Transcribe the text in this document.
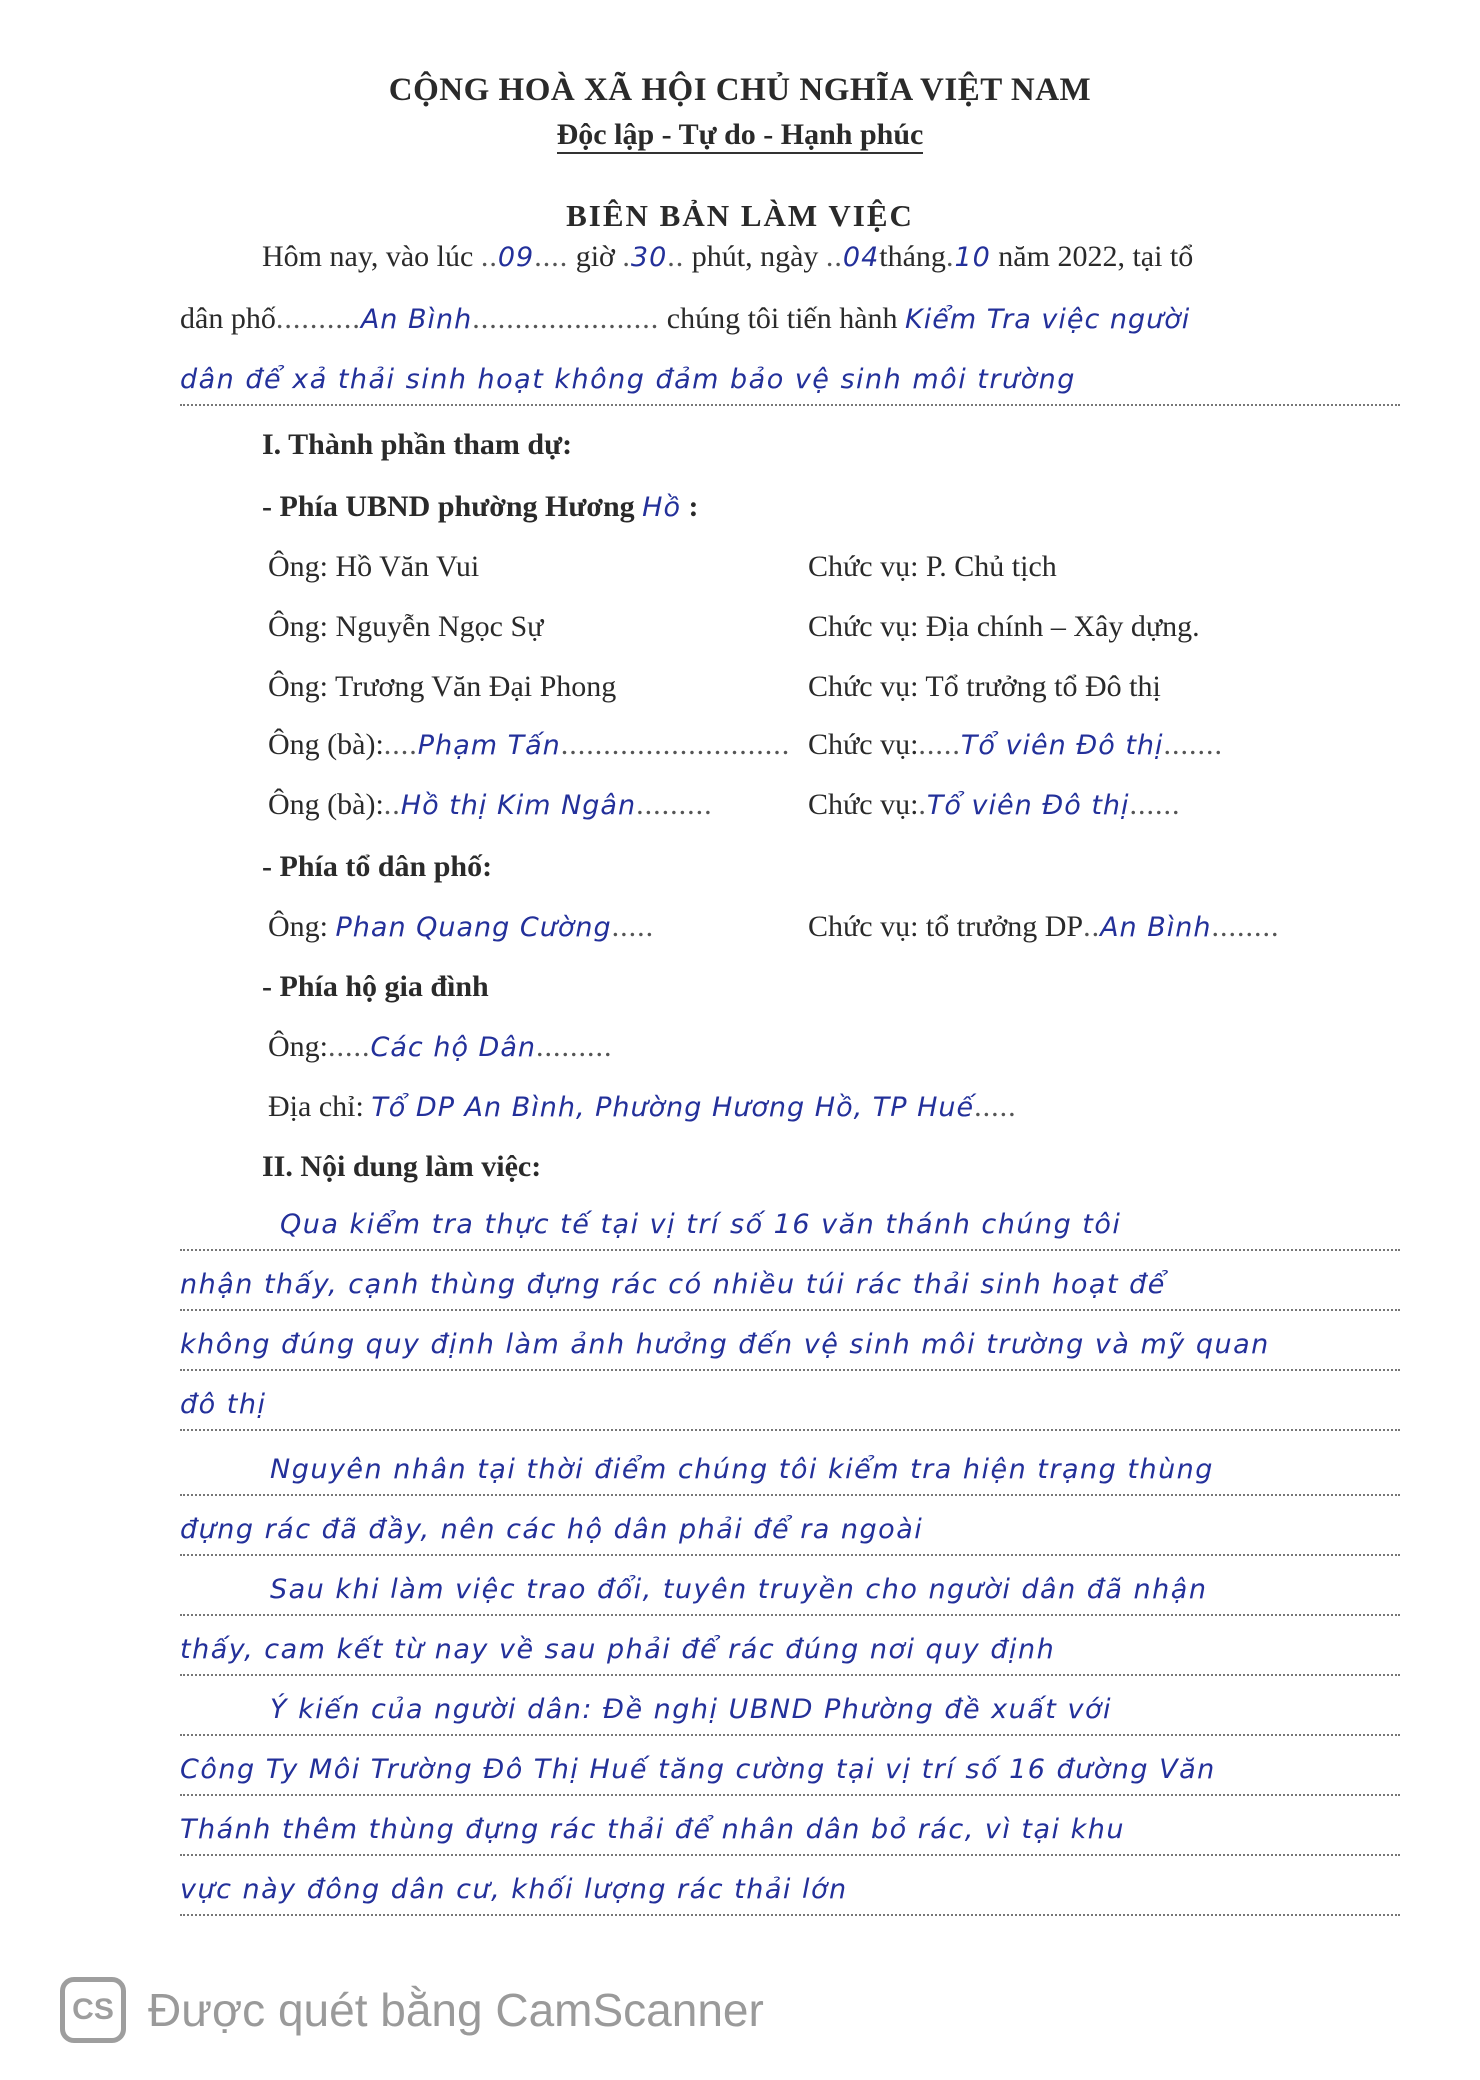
CỘNG HOÀ XÃ HỘI CHỦ NGHĨA VIỆT NAM
Độc lập - Tự do - Hạnh phúc
BIÊN BẢN LÀM VIỆC
Hôm nay, vào lúc ..09.... giờ .30.. phút, ngày ..04tháng.10 năm 2022, tại tổ
dân phố..........An Bình...................... chúng tôi tiến hành Kiểm Tra việc người
dân để xả thải sinh hoạt không đảm bảo vệ sinh môi trường
I. Thành phần tham dự:
- Phía UBND phường Hương Hồ :
Ông: Hồ Văn Vui	Chức vụ: P. Chủ tịch
Ông: Nguyễn Ngọc Sự	Chức vụ: Địa chính – Xây dựng.
Ông: Trương Văn Đại Phong	Chức vụ: Tổ trưởng tổ Đô thị
Ông (bà):....Phạm Tấn........................... Chức vụ:.....Tổ viên Đô thị.......
Ông (bà):..Hồ thị Kim Ngân.........	Chức vụ:.Tổ viên Đô thị......
- Phía tổ dân phố:
Ông: Phan Quang Cường.....	Chức vụ: tổ trưởng DP..An Bình........
- Phía hộ gia đình
Ông:.....Các hộ Dân.........
Địa chỉ: Tổ DP An Bình, Phường Hương Hồ, TP Huế.....
II. Nội dung làm việc:
Qua kiểm tra thực tế tại vị trí số 16 văn thánh chúng tôi
nhận thấy, cạnh thùng đựng rác có nhiều túi rác thải sinh hoạt để
không đúng quy định làm ảnh hưởng đến vệ sinh môi trường và mỹ quan
đô thị
Nguyên nhân tại thời điểm chúng tôi kiểm tra hiện trạng thùng
đựng rác đã đầy, nên các hộ dân phải để ra ngoài
Sau khi làm việc trao đổi, tuyên truyền cho người dân đã nhận
thấy, cam kết từ nay về sau phải để rác đúng nơi quy định
Ý kiến của người dân: Đề nghị UBND Phường đề xuất với
Công Ty Môi Trường Đô Thị Huế tăng cường tại vị trí số 16 đường Văn
Thánh thêm thùng đựng rác thải để nhân dân bỏ rác, vì tại khu
vực này đông dân cư, khối lượng rác thải lớn
CS Được quét bằng CamScanner
